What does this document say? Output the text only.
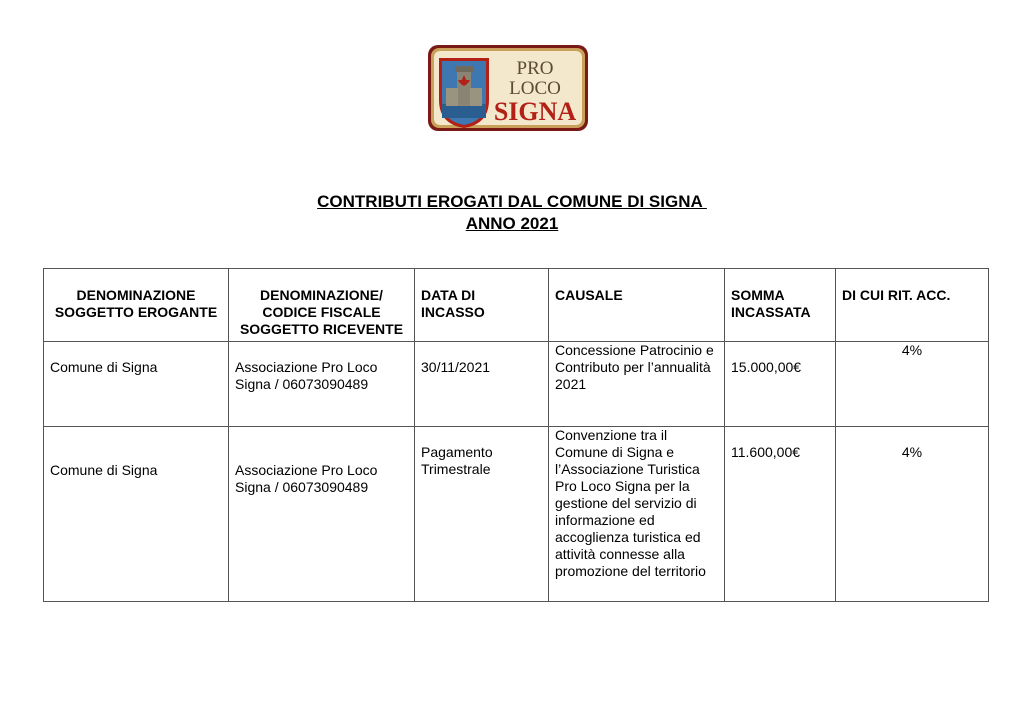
PRO
LOCO
SIGNA
CONTRIBUTI EROGATI DAL COMUNE DI SIGNA
ANNO 2021
DENOMINAZIONE SOGGETTO EROGANTE	DENOMINAZIONE/ CODICE FISCALE SOGGETTO RICEVENTE	DATA DI INCASSO	CAUSALE	SOMMA INCASSATA	DI CUI RIT. ACC.

Comune di Signa	Associazione Pro Loco Signa / 06073090489	30/11/2021	Concessione Patrocinio e Contributo per l’annualità 2021	15.000,00€	4%

Comune di Signa	Associazione Pro Loco Signa / 06073090489	Pagamento Trimestrale	Convenzione tra il Comune di Signa e l’Associazione Turistica Pro Loco Signa per la gestione del servizio di informazione ed accoglienza turistica ed attività connesse alla promozione del territorio	11.600,00€	4%
